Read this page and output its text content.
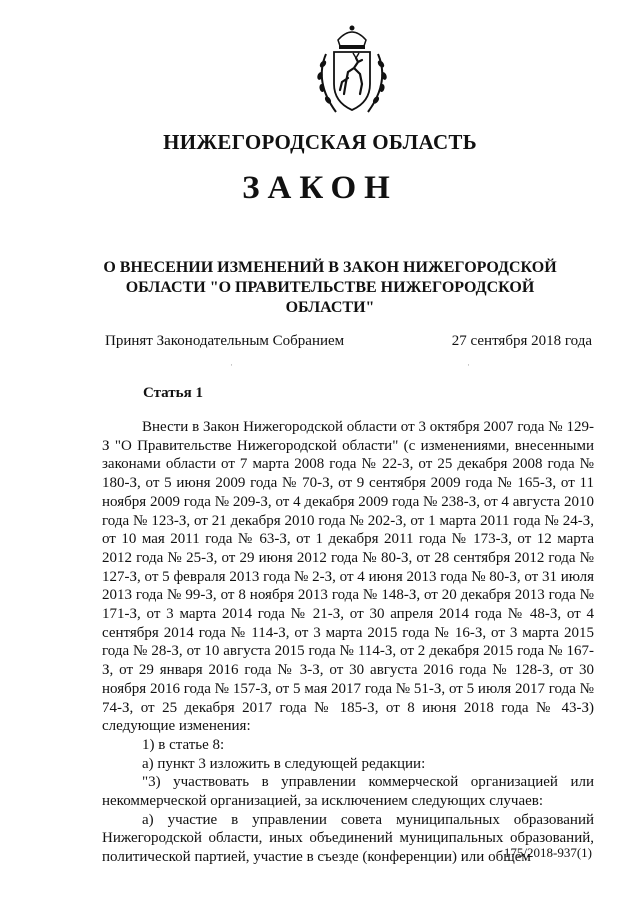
НИЖЕГОРОДСКАЯ ОБЛАСТЬ
ЗАКОН
О ВНЕСЕНИИ ИЗМЕНЕНИЙ В ЗАКОН НИЖЕГОРОДСКОЙ
ОБЛАСТИ "О ПРАВИТЕЛЬСТВЕ НИЖЕГОРОДСКОЙ ОБЛАСТИ"
Принят Законодательным Собранием	27 сентября 2018 года
·	·
Статья 1

Внести в Закон Нижегородской области от 3 октября 2007 года № 129-З "О Правительстве Нижегородской области" (с изменениями, внесенными законами области от 7 марта 2008 года № 22-З, от 25 декабря 2008 года № 180-З, от 5 июня 2009 года № 70-З, от 9 сентября 2009 года № 165-З, от 11 ноября 2009 года № 209-З, от 4 декабря 2009 года № 238-З, от 4 августа 2010 года № 123-З, от 21 декабря 2010 года № 202-З, от 1 марта 2011 года № 24-З, от 10 мая 2011 года № 63-З, от 1 декабря 2011 года № 173-З, от 12 марта 2012 года № 25-З, от 29 июня 2012 года № 80-З, от 28 сентября 2012 года № 127-З, от 5 февраля 2013 года № 2-З, от 4 июня 2013 года № 80-З, от 31 июля 2013 года № 99-З, от 8 ноября 2013 года № 148-З, от 20 декабря 2013 года № 171-З, от 3 марта 2014 года № 21-З, от 30 апреля 2014 года № 48-З, от 4 сентября 2014 года № 114-З, от 3 марта 2015 года № 16-З, от 3 марта 2015 года № 28-З, от 10 августа 2015 года № 114-З, от 2 декабря 2015 года № 167-З, от 29 января 2016 года № 3-З, от 30 августа 2016 года № 128-З, от 30 ноября 2016 года № 157-З, от 5 мая 2017 года № 51-З, от 5 июля 2017 года № 74-З, от 25 декабря 2017 года № 185-З, от 8 июня 2018 года № 43-З) следующие изменения:

1) в статье 8:

а) пункт 3 изложить в следующей редакции:

"3) участвовать в управлении коммерческой организацией или некоммерческой организацией, за исключением следующих случаев:

а) участие в управлении совета муниципальных образований Нижегородской области, иных объединений муниципальных образований, политической партией, участие в съезде (конференции) или общем

175/2018-937(1)
